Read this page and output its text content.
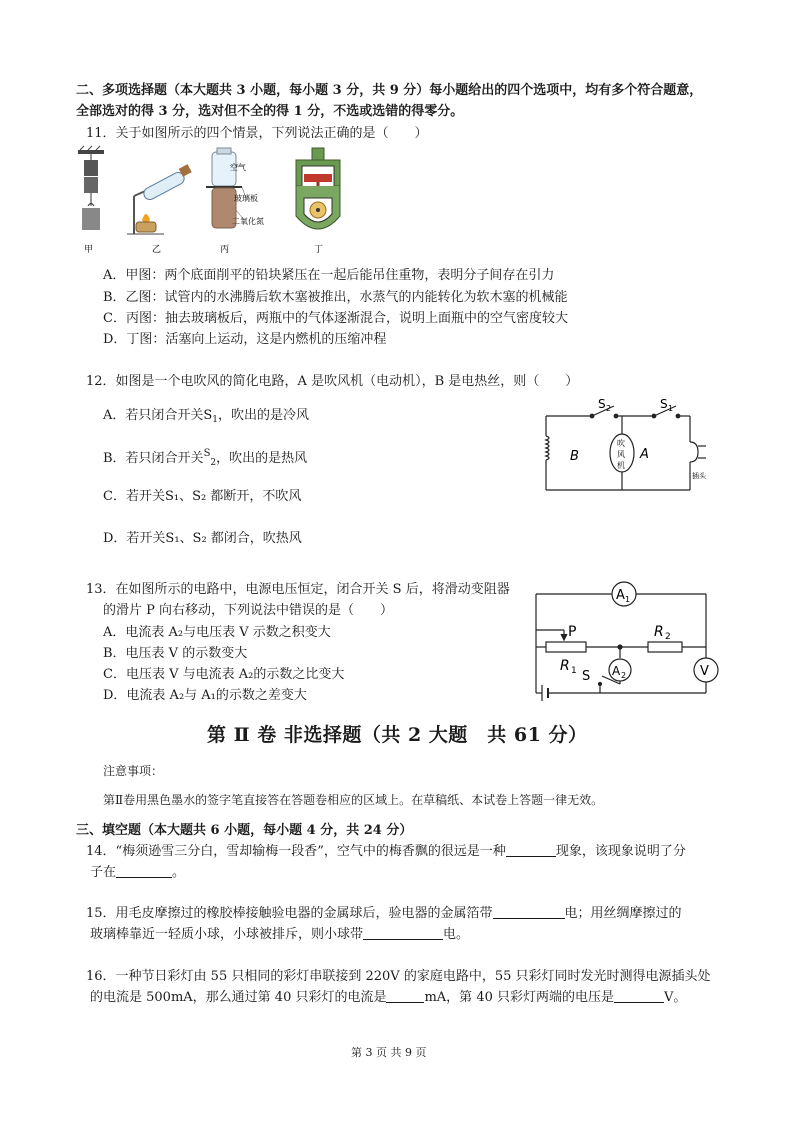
二、多项选择题（本大题共 3 小题，每小题 3 分，共 9 分）每小题给出的四个选项中，均有多个符合题意，
全部选对的得 3 分，选对但不全的得 1 分，不选或选错的得零分。
11．关于如图所示的四个情景，下列说法正确的是（　　）
空气
玻璃板
二氧化氮
甲	乙	丙	丁
A．甲图：两个底面削平的铅块紧压在一起后能吊住重物，表明分子间存在引力
B．乙图：试管内的水沸腾后软木塞被推出，水蒸气的内能转化为软木塞的机械能
C．丙图：抽去玻璃板后，两瓶中的气体逐渐混合，说明上面瓶中的空气密度较大
D．丁图：活塞向上运动，这是内燃机的压缩冲程
12．如图是一个电吹风的简化电路，A 是吹风机（电动机），B 是电热丝，则（　　）
A．若只闭合开关$S_1$，吹出的是冷风
B．若只闭合开关$^S_2$，吹出的是热风
C．若开关S₁、S₂ 都断开，不吹风
D．若开关S₁、S₂ 都闭合，吹热风
S 2	S 1
B	A
吹
风
机
插头
13．在如图所示的电路中，电源电压恒定，闭合开关 S 后，将滑动变阻器
的滑片 P 向右移动，下列说法中错误的是（　　）
A．电流表 A₂与电压表 V 示数之积变大
B．电压表 V 的示数变大
C．电压表 V 与电流表 A₂的示数之比变大
D．电流表 A₂与 A₁的示数之差变大
A 1
A 2	V
P	R 2
R 1 S
第 Ⅱ 卷 非选择题（共 2 大题　共 61 分）
注意事项：
第Ⅱ卷用黑色墨水的签字笔直接答在答题卷相应的区域上。在草稿纸、本试卷上答题一律无效。
三、填空题（本大题共 6 小题，每小题 4 分，共 24 分）
14．“梅须逊雪三分白，雪却输梅一段香”，空气中的梅香飘的很远是一种	现象，该现象说明了分
子在	。
15．用毛皮摩擦过的橡胶棒接触验电器的金属球后，验电器的金属箔带	电；用丝绸摩擦过的
玻璃棒靠近一轻质小球，小球被排斥，则小球带	电。
16．一种节日彩灯由 55 只相同的彩灯串联接到 220V 的家庭电路中，55 只彩灯同时发光时测得电源插头处
的电流是 500mA，那么通过第 40 只彩灯的电流是	mA，第 40 只彩灯两端的电压是	V。
第 3 页 共 9 页
